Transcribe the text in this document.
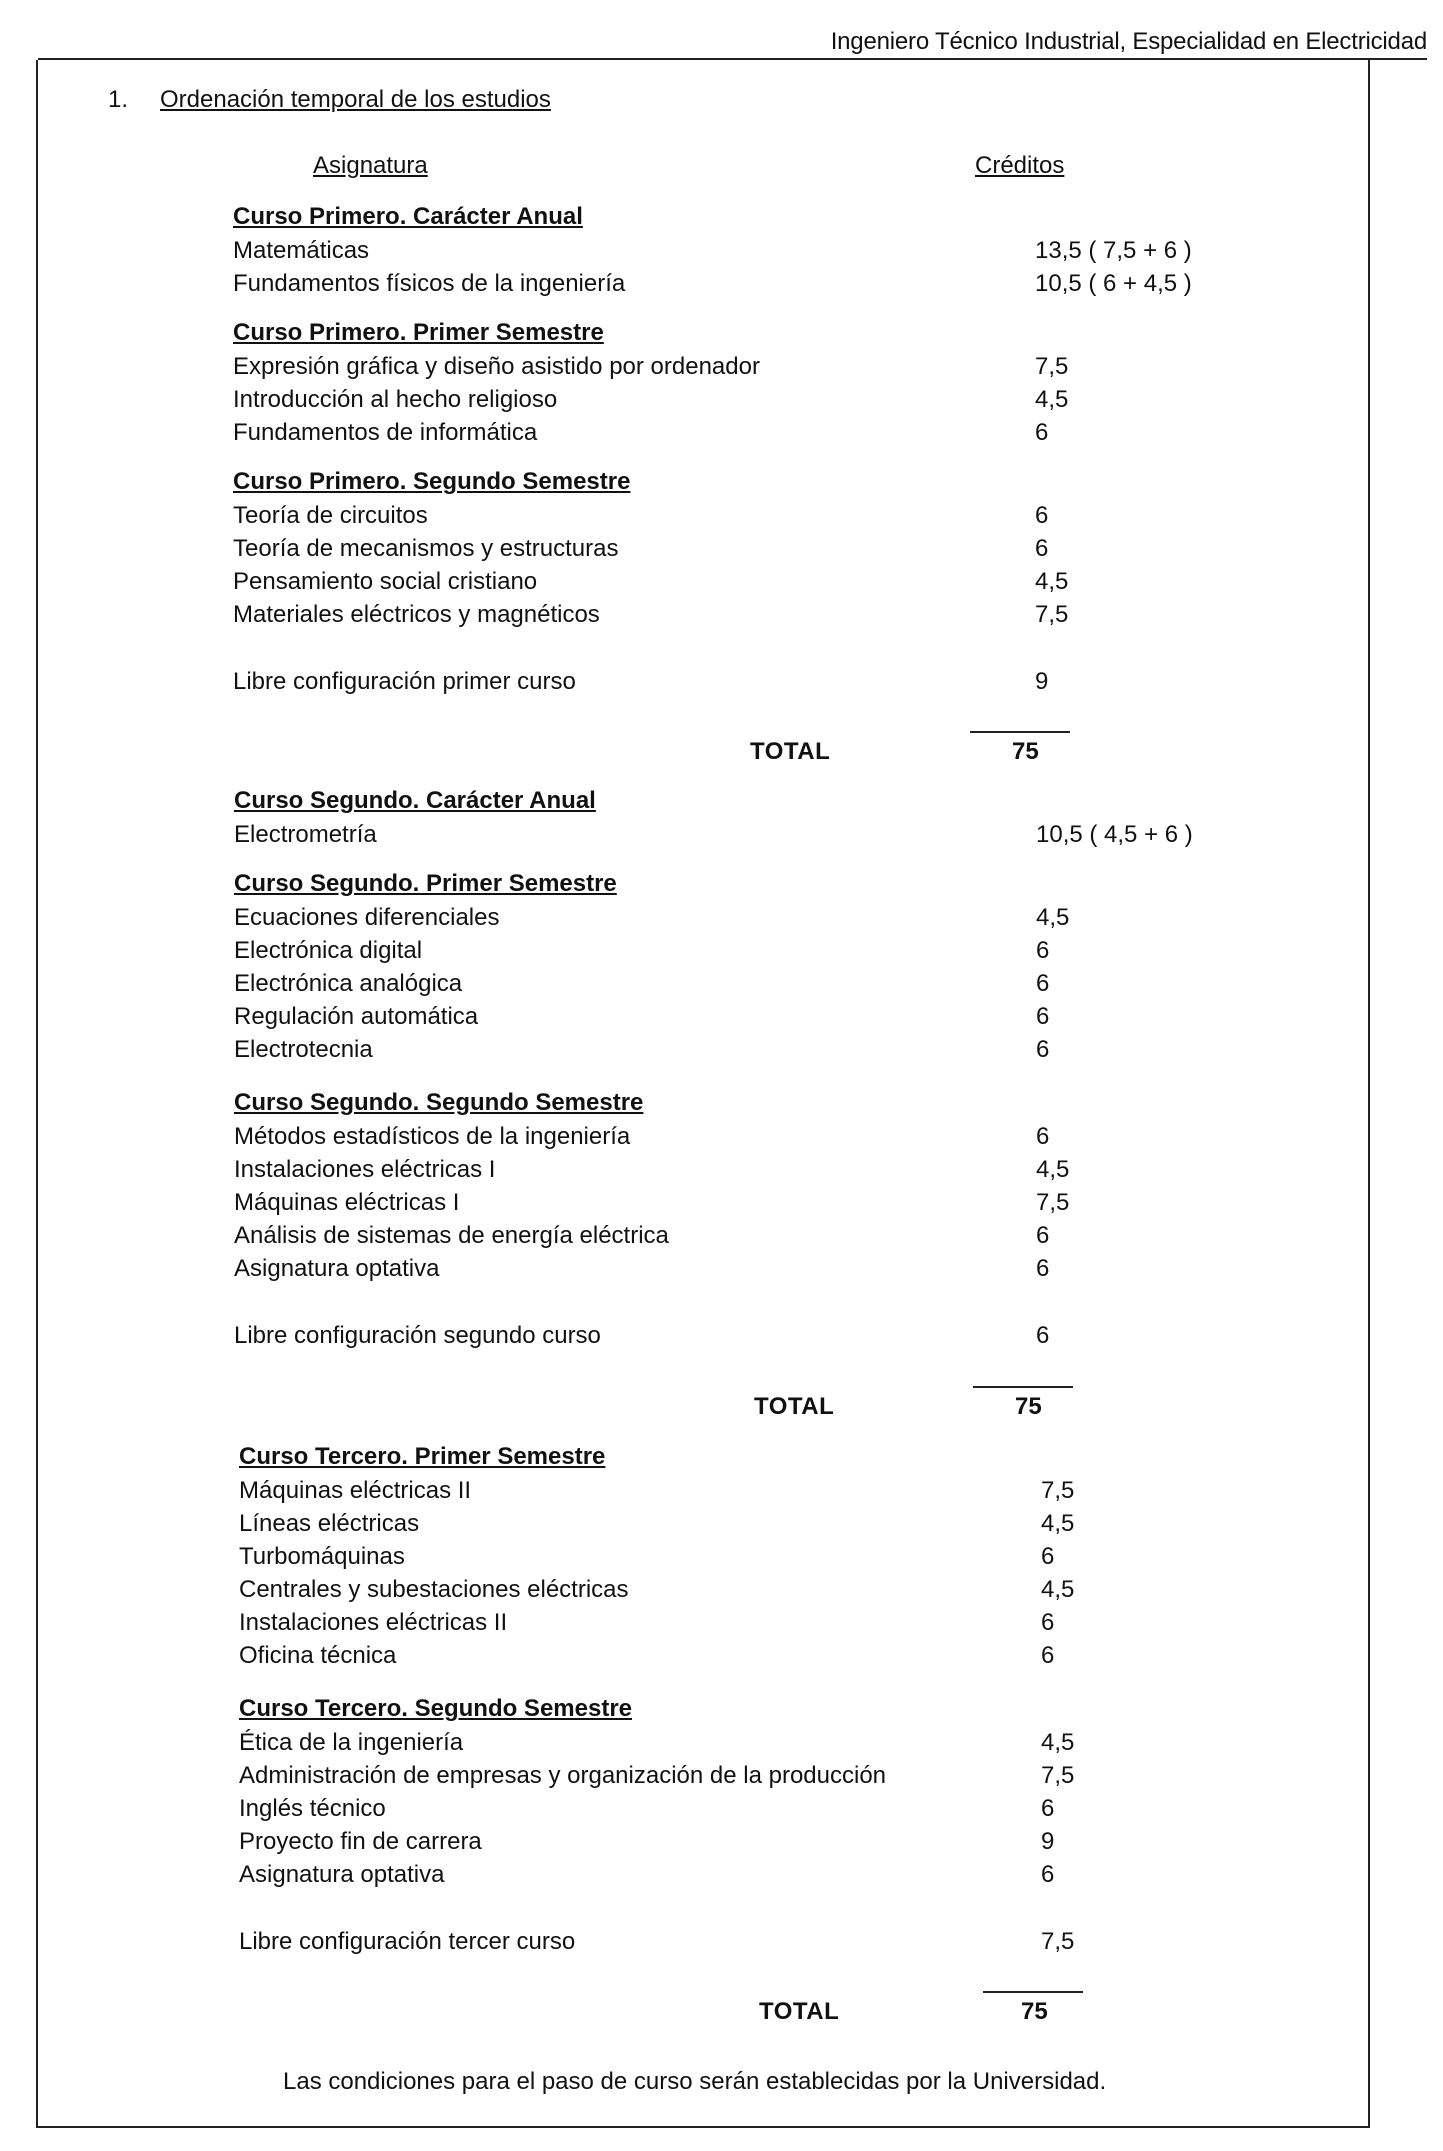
Ingeniero Técnico Industrial, Especialidad en Electricidad
1. Ordenación temporal de los estudios
Asignatura	Créditos
Curso Primero. Carácter Anual
Matemáticas	13,5 ( 7,5 + 6 )
Fundamentos físicos de la ingeniería	10,5 ( 6 + 4,5 )
Curso Primero. Primer Semestre
Expresión gráfica y diseño asistido por ordenador	7,5
Introducción al hecho religioso	4,5
Fundamentos de informática	6
Curso Primero. Segundo Semestre
Teoría de circuitos	6
Teoría de mecanismos y estructuras	6
Pensamiento social cristiano	4,5
Materiales eléctricos y magnéticos	7,5
Libre configuración primer curso	9
TOTAL	75
Curso Segundo. Carácter Anual
Electrometría	10,5 ( 4,5 + 6 )
Curso Segundo. Primer Semestre
Ecuaciones diferenciales	4,5
Electrónica digital	6
Electrónica analógica	6
Regulación automática	6
Electrotecnia	6
Curso Segundo. Segundo Semestre
Métodos estadísticos de la ingeniería	6
Instalaciones eléctricas I	4,5
Máquinas eléctricas I	7,5
Análisis de sistemas de energía eléctrica	6
Asignatura optativa	6
Libre configuración segundo curso	6
TOTAL	75
Curso Tercero. Primer Semestre
Máquinas eléctricas II	7,5
Líneas eléctricas	4,5
Turbomáquinas	6
Centrales y subestaciones eléctricas	4,5
Instalaciones eléctricas II	6
Oficina técnica	6
Curso Tercero. Segundo Semestre
Ética de la ingeniería	4,5
Administración de empresas y organización de la producción	7,5
Inglés técnico	6
Proyecto fin de carrera	9
Asignatura optativa	6
Libre configuración tercer curso	7,5
TOTAL	75
Las condiciones para el paso de curso serán establecidas por la Universidad.
